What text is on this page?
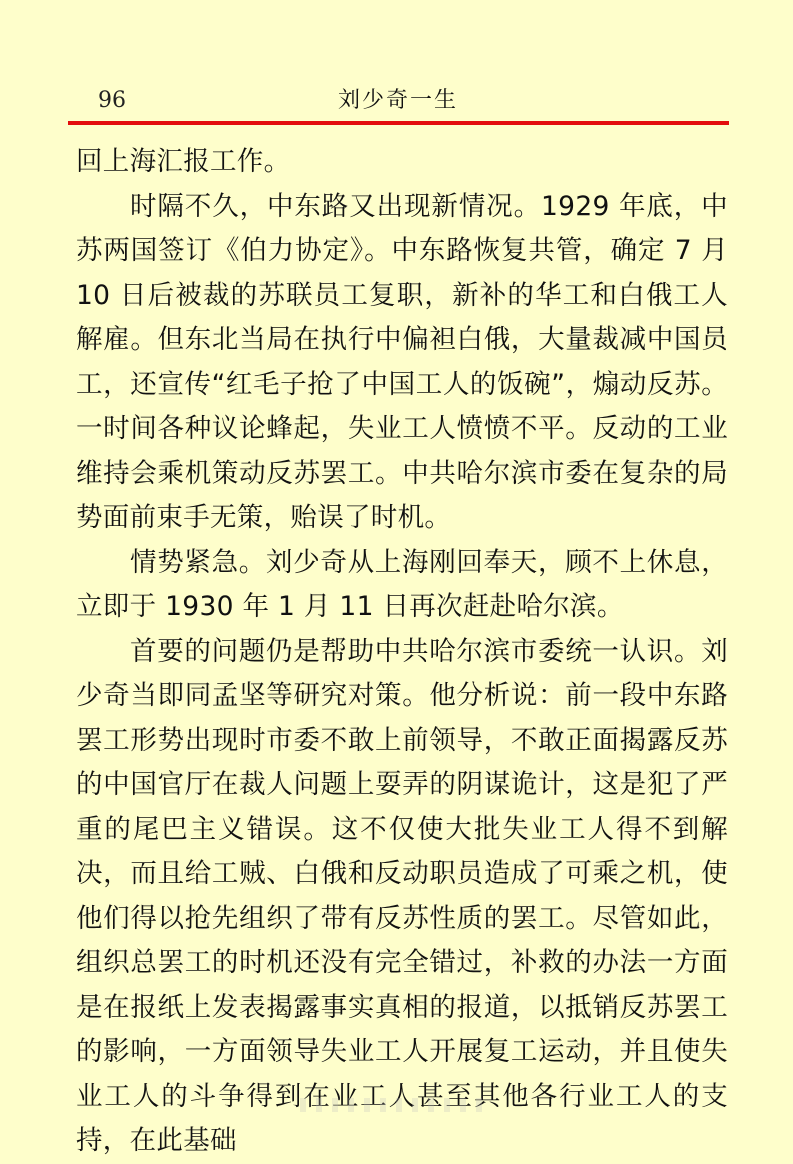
96	刘少奇一生

回上海汇报工作。

时隔不久，中东路又出现新情况。1929 年底，中苏两国签订《伯力协定》。中东路恢复共管，确定 7 月 10 日后被裁的苏联员工复职，新补的华工和白俄工人解雇。但东北当局在执行中偏袒白俄，大量裁减中国员工，还宣传“红毛子抢了中国工人的饭碗”，煽动反苏。一时间各种议论蜂起，失业工人愤愤不平。反动的工业维持会乘机策动反苏罢工。中共哈尔滨市委在复杂的局势面前束手无策，贻误了时机。

情势紧急。刘少奇从上海刚回奉天，顾不上休息，立即于 1930 年 1 月 11 日再次赶赴哈尔滨。

首要的问题仍是帮助中共哈尔滨市委统一认识。刘少奇当即同孟坚等研究对策。他分析说：前一段中东路罢工形势出现时市委不敢上前领导，不敢正面揭露反苏的中国官厅在裁人问题上耍弄的阴谋诡计，这是犯了严重的尾巴主义错误。这不仅使大批失业工人得不到解决，而且给工贼、白俄和反动职员造成了可乘之机，使他们得以抢先组织了带有反苏性质的罢工。尽管如此，组织总罢工的时机还没有完全错过，补救的办法一方面是在报纸上发表揭露事实真相的报道，以抵销反苏罢工的影响，一方面领导失业工人开展复工运动，并且使失业工人的斗争得到在业工人甚至其他各行业工人的支持，在此基础
